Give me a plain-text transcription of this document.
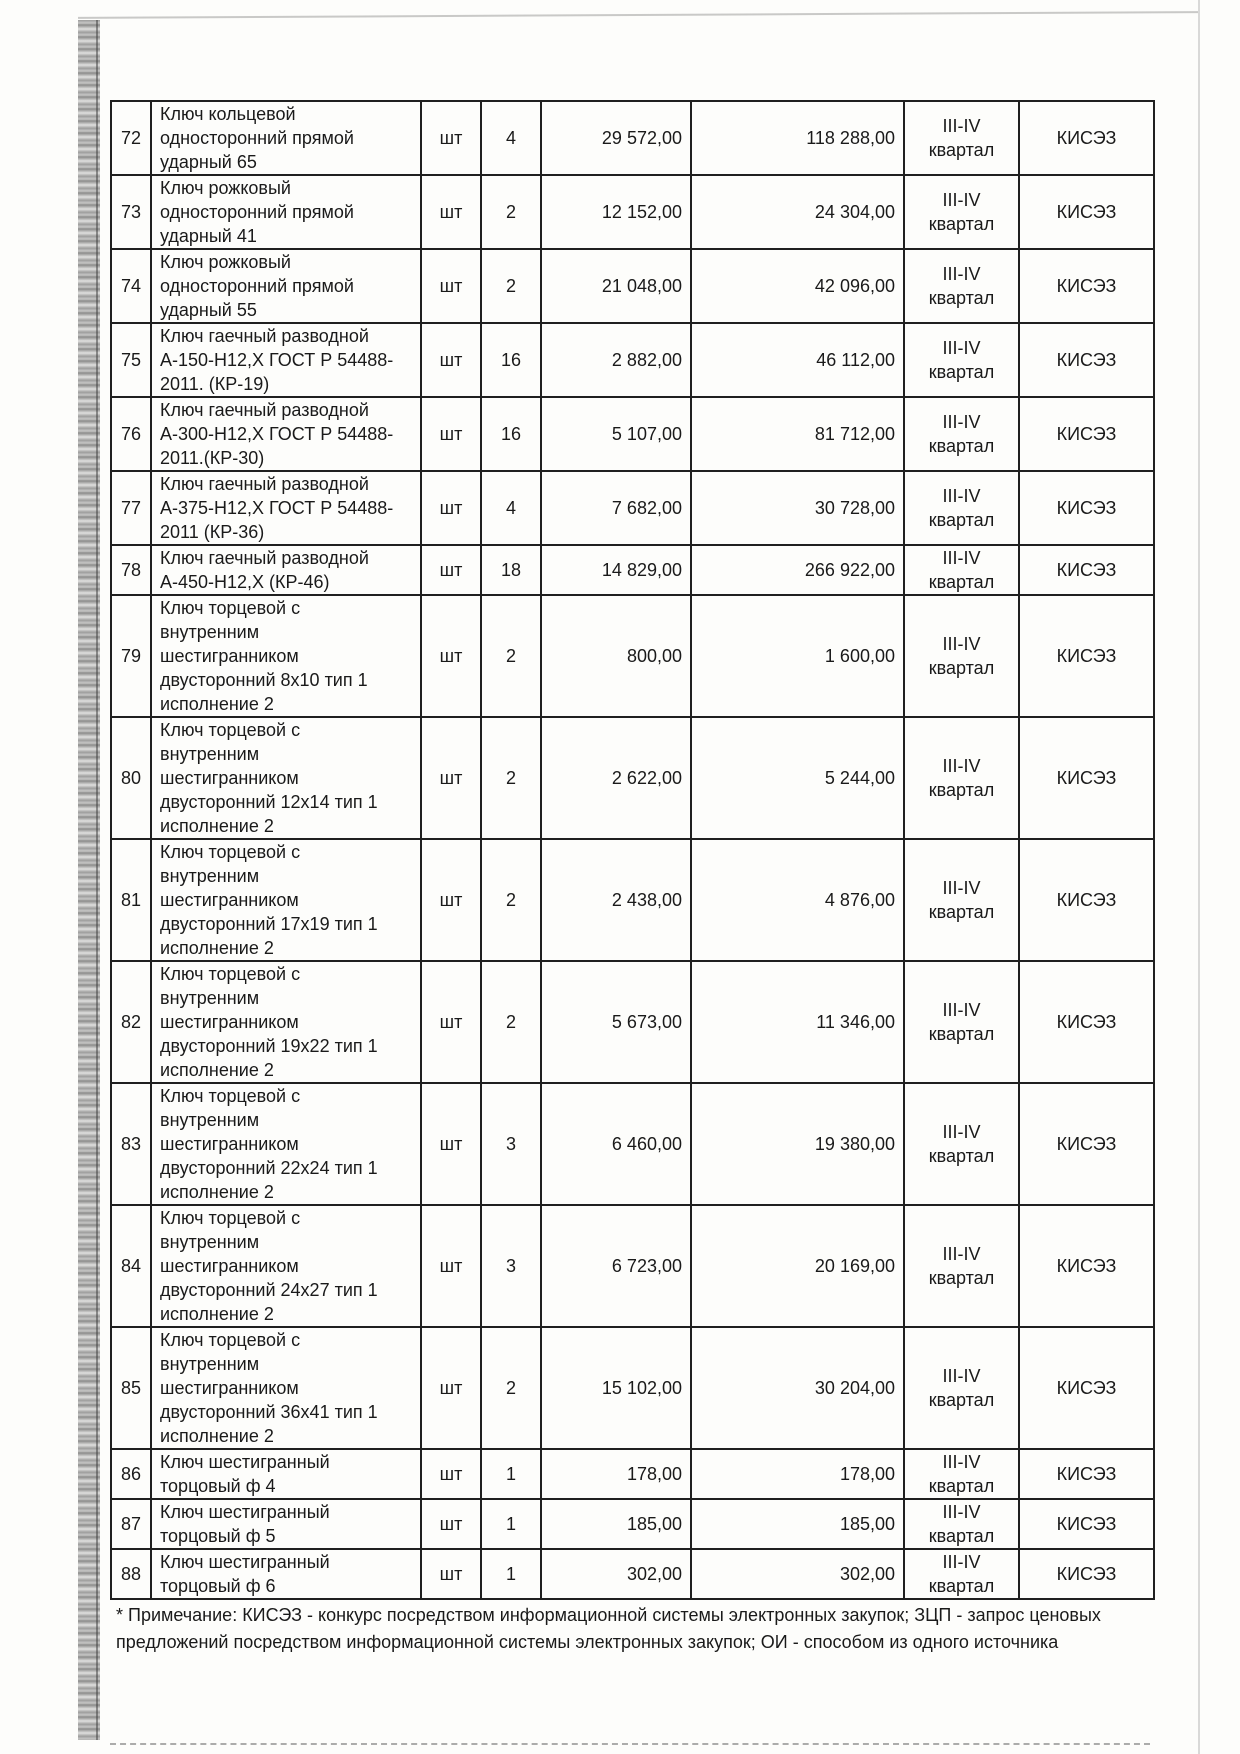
72	Ключ кольцевой
односторонний прямой
ударный 65	шт	4	29 572,00	118 288,00	III-IV
квартал	КИСЭЗ
73	Ключ рожковый
односторонний прямой
ударный 41	шт	2	12 152,00	24 304,00	III-IV
квартал	КИСЭЗ
74	Ключ рожковый
односторонний прямой
ударный 55	шт	2	21 048,00	42 096,00	III-IV
квартал	КИСЭЗ
75	Ключ гаечный разводной
А-150-Н12,Х ГОСТ Р 54488-
2011. (КР-19)	шт	16	2 882,00	46 112,00	III-IV
квартал	КИСЭЗ
76	Ключ гаечный разводной
А-300-Н12,Х ГОСТ Р 54488-
2011.(КР-30)	шт	16	5 107,00	81 712,00	III-IV
квартал	КИСЭЗ
77	Ключ гаечный разводной
А-375-Н12,Х ГОСТ Р 54488-
2011 (КР-36)	шт	4	7 682,00	30 728,00	III-IV
квартал	КИСЭЗ
78	Ключ гаечный разводной
А-450-Н12,Х (КР-46)	шт	18	14 829,00	266 922,00	III-IV
квартал	КИСЭЗ
79	Ключ торцевой с
внутренним
шестигранником
двусторонний 8х10 тип 1
исполнение 2	шт	2	800,00	1 600,00	III-IV
квартал	КИСЭЗ
80	Ключ торцевой с
внутренним
шестигранником
двусторонний 12х14 тип 1
исполнение 2	шт	2	2 622,00	5 244,00	III-IV
квартал	КИСЭЗ
81	Ключ торцевой с
внутренним
шестигранником
двусторонний 17х19 тип 1
исполнение 2	шт	2	2 438,00	4 876,00	III-IV
квартал	КИСЭЗ
82	Ключ торцевой с
внутренним
шестигранником
двусторонний 19х22 тип 1
исполнение 2	шт	2	5 673,00	11 346,00	III-IV
квартал	КИСЭЗ
83	Ключ торцевой с
внутренним
шестигранником
двусторонний 22х24 тип 1
исполнение 2	шт	3	6 460,00	19 380,00	III-IV
квартал	КИСЭЗ
84	Ключ торцевой с
внутренним
шестигранником
двусторонний 24х27 тип 1
исполнение 2	шт	3	6 723,00	20 169,00	III-IV
квартал	КИСЭЗ
85	Ключ торцевой с
внутренним
шестигранником
двусторонний 36х41 тип 1
исполнение 2	шт	2	15 102,00	30 204,00	III-IV
квартал	КИСЭЗ
86	Ключ шестигранный
торцовый ф 4	шт	1	178,00	178,00	III-IV
квартал	КИСЭЗ
87	Ключ шестигранный
торцовый ф 5	шт	1	185,00	185,00	III-IV
квартал	КИСЭЗ
88	Ключ шестигранный
торцовый ф 6	шт	1	302,00	302,00	III-IV
квартал	КИСЭЗ
* Примечание: КИСЭЗ - конкурс посредством информационной системы электронных закупок; ЗЦП - запрос ценовых предложений посредством информационной системы электронных закупок; ОИ - способом из одного источника
